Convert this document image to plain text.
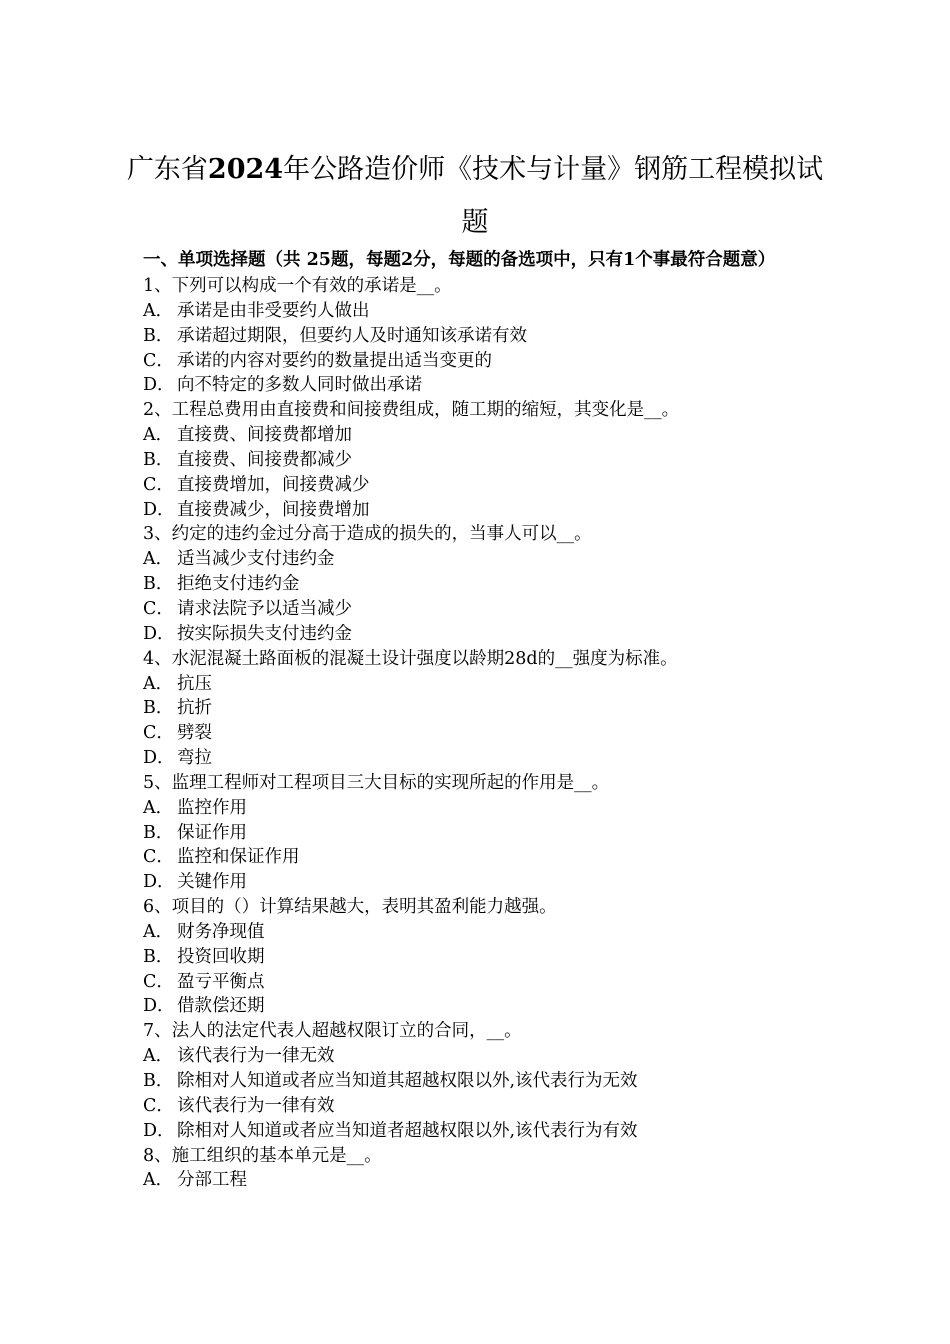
广东省2024年公路造价师《技术与计量》钢筋工程模拟试
题
一、单项选择题（共 25题，每题2分，每题的备选项中，只有1个事最符合题意）
1、下列可以构成一个有效的承诺是__。
A． 承诺是由非受要约人做出
B． 承诺超过期限，但要约人及时通知该承诺有效
C． 承诺的内容对要约的数量提出适当变更的
D． 向不特定的多数人同时做出承诺
2、工程总费用由直接费和间接费组成，随工期的缩短，其变化是__。
A． 直接费、间接费都增加
B． 直接费、间接费都减少
C． 直接费增加，间接费减少
D． 直接费减少，间接费增加
3、约定的违约金过分高于造成的损失的，当事人可以__。
A． 适当减少支付违约金
B． 拒绝支付违约金
C． 请求法院予以适当减少
D． 按实际损失支付违约金
4、水泥混凝土路面板的混凝土设计强度以龄期28d的__强度为标准。
A． 抗压
B． 抗折
C． 劈裂
D． 弯拉
5、监理工程师对工程项目三大目标的实现所起的作用是__。
A． 监控作用
B． 保证作用
C． 监控和保证作用
D． 关键作用
6、项目的（）计算结果越大，表明其盈利能力越强。
A． 财务净现值
B． 投资回收期
C． 盈亏平衡点
D． 借款偿还期
7、法人的法定代表人超越权限订立的合同，__。
A． 该代表行为一律无效
B． 除相对人知道或者应当知道其超越权限以外,该代表行为无效
C． 该代表行为一律有效
D． 除相对人知道或者应当知道者超越权限以外,该代表行为有效
8、施工组织的基本单元是__。
A． 分部工程
